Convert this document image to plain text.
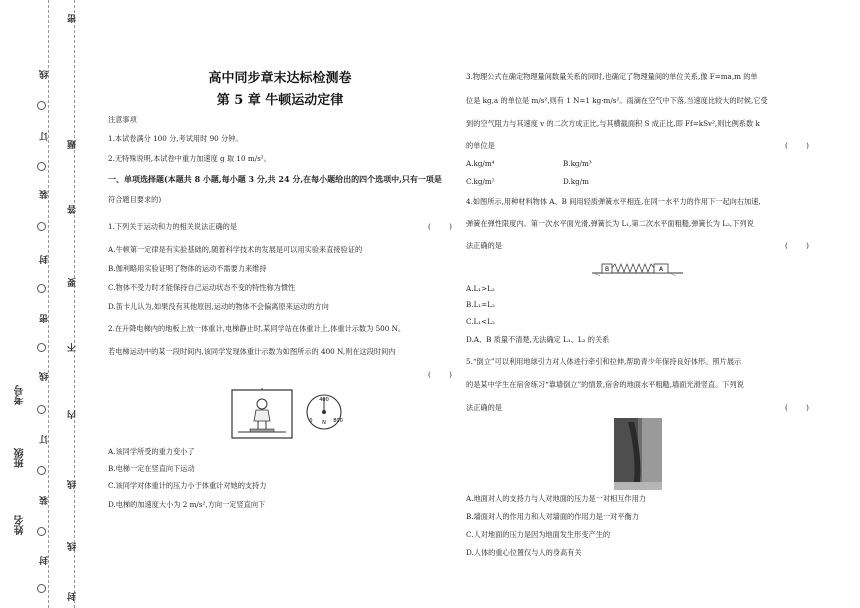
线
订
装
封
密
线
订
装
封
密
题
答
要
不
内
线
线
封
考号
班级
姓名
高中同步章末达标检测卷
第 5 章 牛顿运动定律
注意事项
1.本试卷满分 100 分,考试用时 90 分钟。
2.无特殊说明,本试卷中重力加速度 g 取 10 m/s²。
一、单项选择题(本题共 8 小题,每小题 3 分,共 24 分,在每小题给出的四个选项中,只有一项是
符合题目要求的)
1.下列关于运动和力的相关说法正确的是	(        )
A.牛顿第一定律是有实验基础的,随着科学技术的发展是可以用实验来直接验证的
B.伽利略用实验证明了物体的运动不需要力来维持
C.物体不受力时才能保持自己运动状态不变的特性称为惯性
D.笛卡儿认为,如果没有其他原因,运动的物体不会偏离原来运动的方向
2.在升降电梯内的地板上放一体重计,电梯静止时,某同学站在体重计上,体重计示数为 500 N。
若电梯运动中的某一段时间内,该同学发现体重计示数为如图所示的 400 N,则在这段时间内
(        )
400
0	800
N
A.该同学所受的重力变小了
B.电梯一定在竖直向下运动
C.该同学对体重计的压力小于体重计对她的支持力
D.电梯的加速度大小为 2 m/s²,方向一定竖直向下
3.物理公式在确定物理量间数量关系的同时,也确定了物理量间的单位关系,像 F=ma,m 的单
位是 kg,a 的单位是 m/s²,则有 1 N=1 kg·m/s²。雨滴在空气中下落,当速度比较大的时候,它受
到的空气阻力与其速度 v 的二次方成正比,与其横截面积 S 成正比,即 Ff=kSv²,则比例系数 k
的单位是	(        )
A.kg/m⁴	B.kg/m³
C.kg/m²	D.kg/m
4.如图所示,用种材料物体 A、B 间用轻质弹簧水平相连,在同一水平力的作用下一起向右加速,
弹簧在弹性限度内。第一次水平面光滑,弹簧长为 L₁,第二次水平面粗糙,弹簧长为 L₂,下列说
法正确的是	(        )
B	A
A.L₁>L₂
B.L₁=L₂
C.L₁<L₂
D.A、B 质量不清楚,无法确定 L₁、L₂ 的关系
5.“倒立”可以利用地球引力对人体进行牵引和拉伸,帮助青少年保持良好体形。照片展示
的是某中学生在宿舍练习“靠墙倒立”的情景,宿舍的地面水平粗糙,墙面光滑竖直。下列说
法正确的是	(        )
A.地面对人的支持力与人对地面的压力是一对相互作用力
B.墙面对人的作用力和人对墙面的作用力是一对平衡力
C.人对地面的压力是因为地面发生形变产生的
D.人体的重心位置仅与人的身高有关
